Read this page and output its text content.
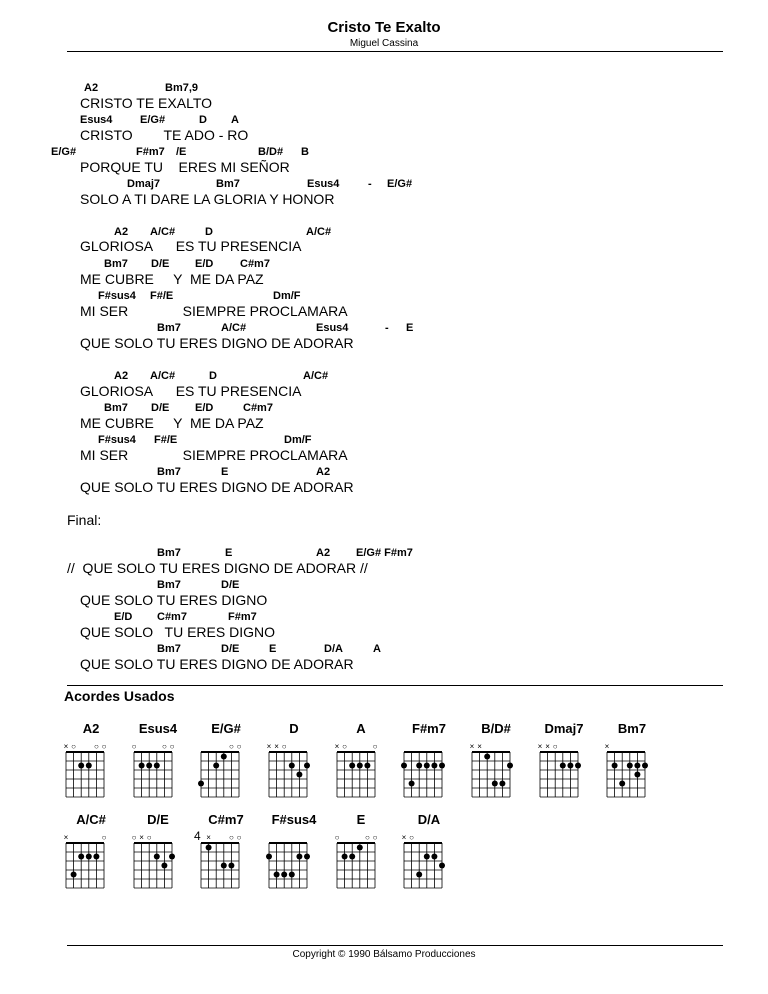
Cristo Te Exalto
Miguel Cassina
A2	Bm7,9
CRISTO TE EXALTO
Esus4	E/G#	D A
CRISTO        TE ADO - RO
E/G#	F#m7 /E	B/D# B
PORQUE TU    ERES MI SEÑOR
Dmaj7	Bm7	Esus4	- E/G#
SOLO A TI DARE LA GLORIA Y HONOR
A2 A/C#	D	A/C#
GLORIOSA      ES TU PRESENCIA
Bm7 D/E E/D C#m7
ME CUBRE     Y  ME DA PAZ
F#sus4 F#/E	Dm/F
MI SER              SIEMPRE PROCLAMARA
Bm7	A/C#	Esus4	- E
QUE SOLO TU ERES DIGNO DE ADORAR
A2 A/C#	D	A/C#
GLORIOSA      ES TU PRESENCIA
Bm7 D/E E/D	C#m7
ME CUBRE     Y  ME DA PAZ
F#sus4 F#/E	Dm/F
MI SER              SIEMPRE PROCLAMARA
Bm7	E	A2
QUE SOLO TU ERES DIGNO DE ADORAR
Final:
Bm7	E	A2 E/G# F#m7
//  QUE SOLO TU ERES DIGNO DE ADORAR //
Bm7	D/E
QUE SOLO TU ERES DIGNO
E/D C#m7	F#m7
QUE SOLO   TU ERES DIGNO
Bm7	D/E	E	D/A	A
QUE SOLO TU ERES DIGNO DE ADORAR
Acordes Usados
A2	Esus4	E/G#	D	A	F#m7	B/D#	Dmaj7	Bm7
A/C#	D/E	C#m7	F#sus4	E	D/A
× ○ ○ ○	○	○ ○	○ ○	× × ○	× ○	○	× ×	× × ○	×
×	○	○ × ○	× ○ ○	○	○ ○	× ○
4
Copyright © 1990 Bálsamo Producciones
